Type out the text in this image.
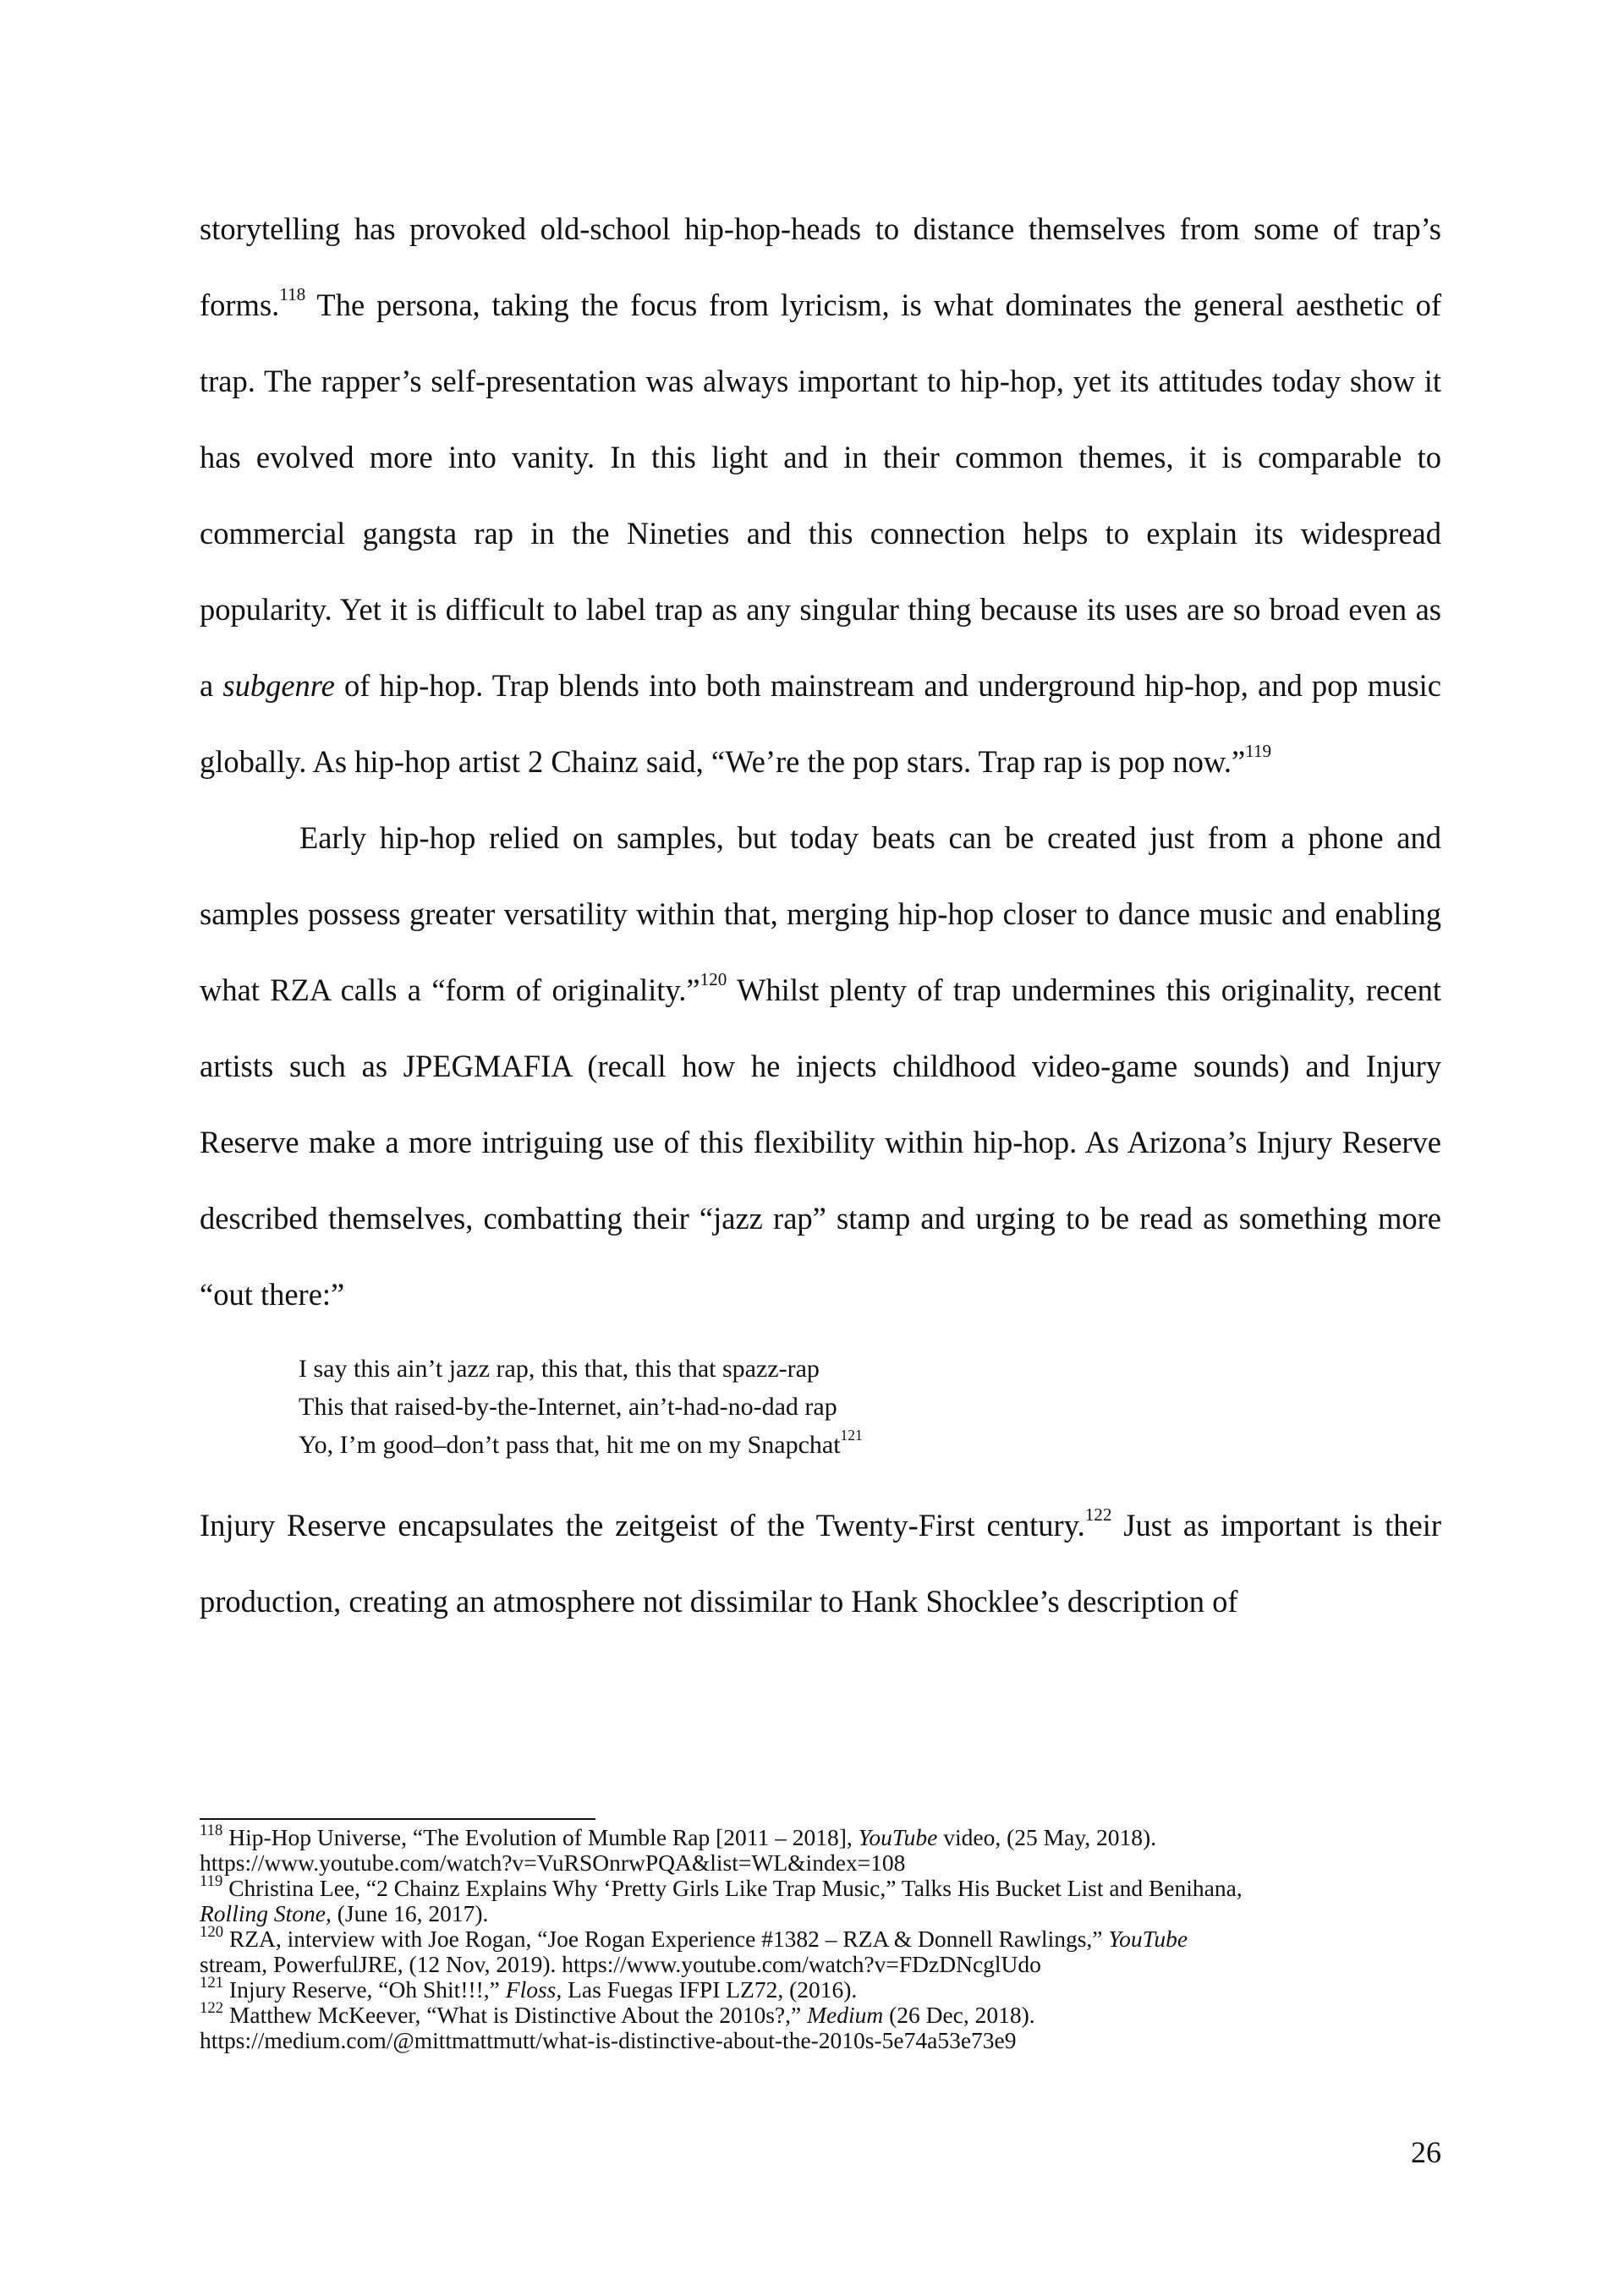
storytelling has provoked old-school hip-hop-heads to distance themselves from some of trap’s forms.$^{118}$ The persona, taking the focus from lyricism, is what dominates the general aesthetic of trap. The rapper’s self-presentation was always important to hip-hop, yet its attitudes today show it has evolved more into vanity. In this light and in their common themes, it is comparable to commercial gangsta rap in the Nineties and this connection helps to explain its widespread popularity. Yet it is difficult to label trap as any singular thing because its uses are so broad even as a subgenre of hip-hop. Trap blends into both mainstream and underground hip-hop, and pop music globally. As hip-hop artist 2 Chainz said, “We’re the pop stars. Trap rap is pop now.”$^{119}$

Early hip-hop relied on samples, but today beats can be created just from a phone and samples possess greater versatility within that, merging hip-hop closer to dance music and enabling what RZA calls a “form of originality.”$^{120}$ Whilst plenty of trap undermines this originality, recent artists such as JPEGMAFIA (recall how he injects childhood video-game sounds) and Injury Reserve make a more intriguing use of this flexibility within hip-hop. As Arizona’s Injury Reserve described themselves, combatting their “jazz rap” stamp and urging to be read as something more “out there:”

I say this ain’t jazz rap, this that, this that spazz-rap
This that raised-by-the-Internet, ain’t-had-no-dad rap
Yo, I’m good–don’t pass that, hit me on my Snapchat$^{121}$

Injury Reserve encapsulates the zeitgeist of the Twenty-First century.$^{122}$ Just as important is their production, creating an atmosphere not dissimilar to Hank Shocklee’s description of

$^{118}$ Hip-Hop Universe, “The Evolution of Mumble Rap [2011 – 2018], YouTube video, (25 May, 2018).
https://www.youtube.com/watch?v=VuRSOnrwPQA&list=WL&index=108
$^{119}$ Christina Lee, “2 Chainz Explains Why ‘Pretty Girls Like Trap Music,” Talks His Bucket List and Benihana,
Rolling Stone, (June 16, 2017).
$^{120}$ RZA, interview with Joe Rogan, “Joe Rogan Experience #1382 – RZA & Donnell Rawlings,” YouTube
stream, PowerfulJRE, (12 Nov, 2019). https://www.youtube.com/watch?v=FDzDNcglUdo
$^{121}$ Injury Reserve, “Oh Shit!!!,” Floss, Las Fuegas IFPI LZ72, (2016).
$^{122}$ Matthew McKeever, “What is Distinctive About the 2010s?,” Medium (26 Dec, 2018).
https://medium.com/@mittmattmutt/what-is-distinctive-about-the-2010s-5e74a53e73e9
26
